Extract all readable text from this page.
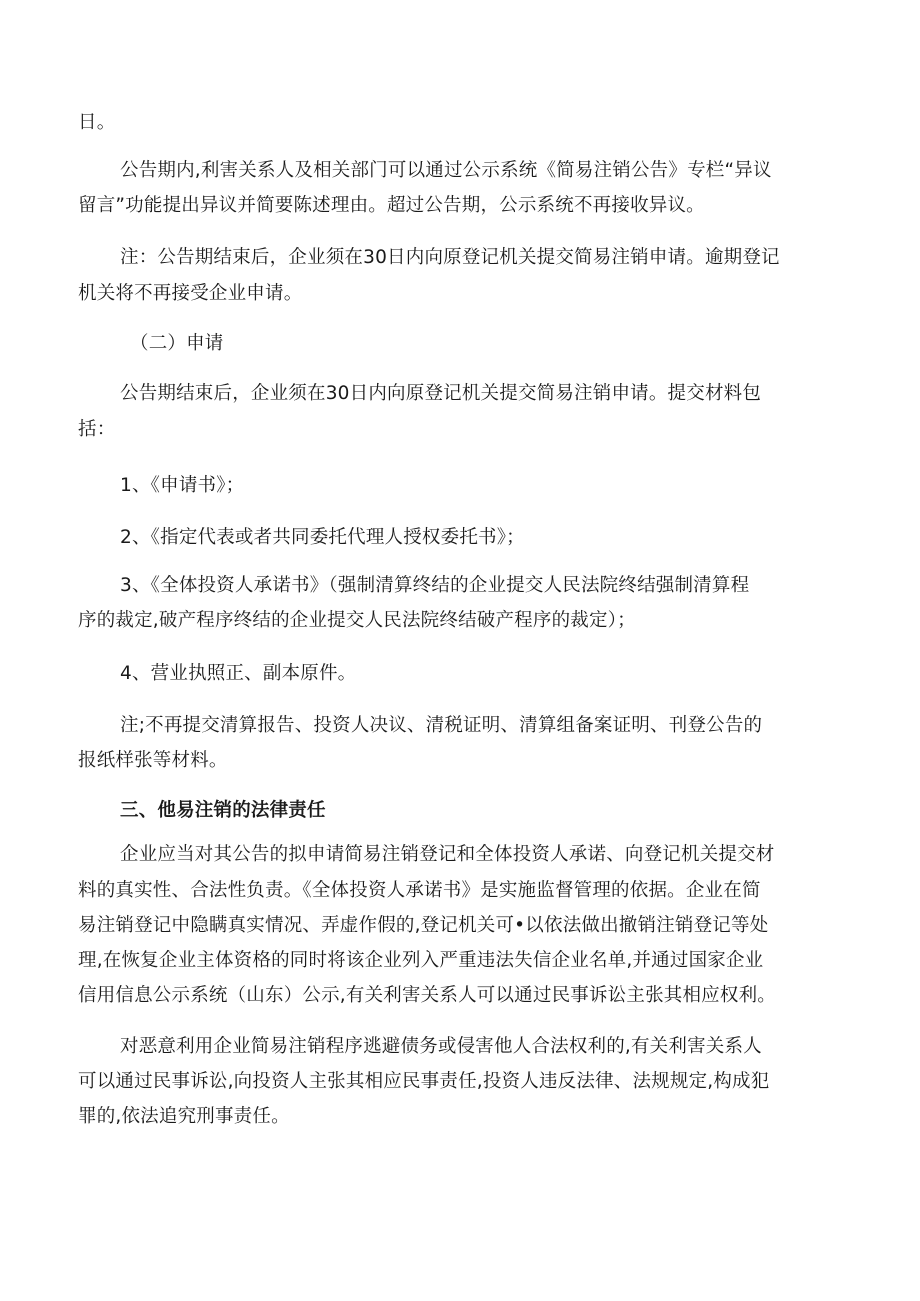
日。
公告期内,利害关系人及相关部门可以通过公示系统《简易注销公告》专栏“异议
留言”功能提出异议并简要陈述理由。超过公告期，公示系统不再接收异议。
注：公告期结束后，企业须在30日内向原登记机关提交简易注销申请。逾期登记
机关将不再接受企业申请。
（二）申请
公告期结束后，企业须在30日内向原登记机关提交简易注销申请。提交材料包
括：
1、《申请书》；
2、《指定代表或者共同委托代理人授权委托书》；
3、《全体投资人承诺书》（强制清算终结的企业提交人民法院终结强制清算程
序的裁定,破产程序终结的企业提交人民法院终结破产程序的裁定）；
4、营业执照正、副本原件。
注;不再提交清算报告、投资人决议、清税证明、清算组备案证明、刊登公告的
报纸样张等材料。
三、他易注销的法律责任
企业应当对其公告的拟申请简易注销登记和全体投资人承诺、向登记机关提交材
料的真实性、合法性负责。《全体投资人承诺书》是实施监督管理的依据。企业在简
易注销登记中隐瞒真实情况、弄虚作假的,登记机关可•以依法做出撤销注销登记等处
理,在恢复企业主体资格的同时将该企业列入严重违法失信企业名单,并通过国家企业
信用信息公示系统（山东）公示,有关利害关系人可以通过民事诉讼主张其相应权利。
对恶意利用企业简易注销程序逃避债务或侵害他人合法权利的,有关利害关系人
可以通过民事诉讼,向投资人主张其相应民事责任,投资人违反法律、法规规定,构成犯
罪的,依法追究刑事责任。
